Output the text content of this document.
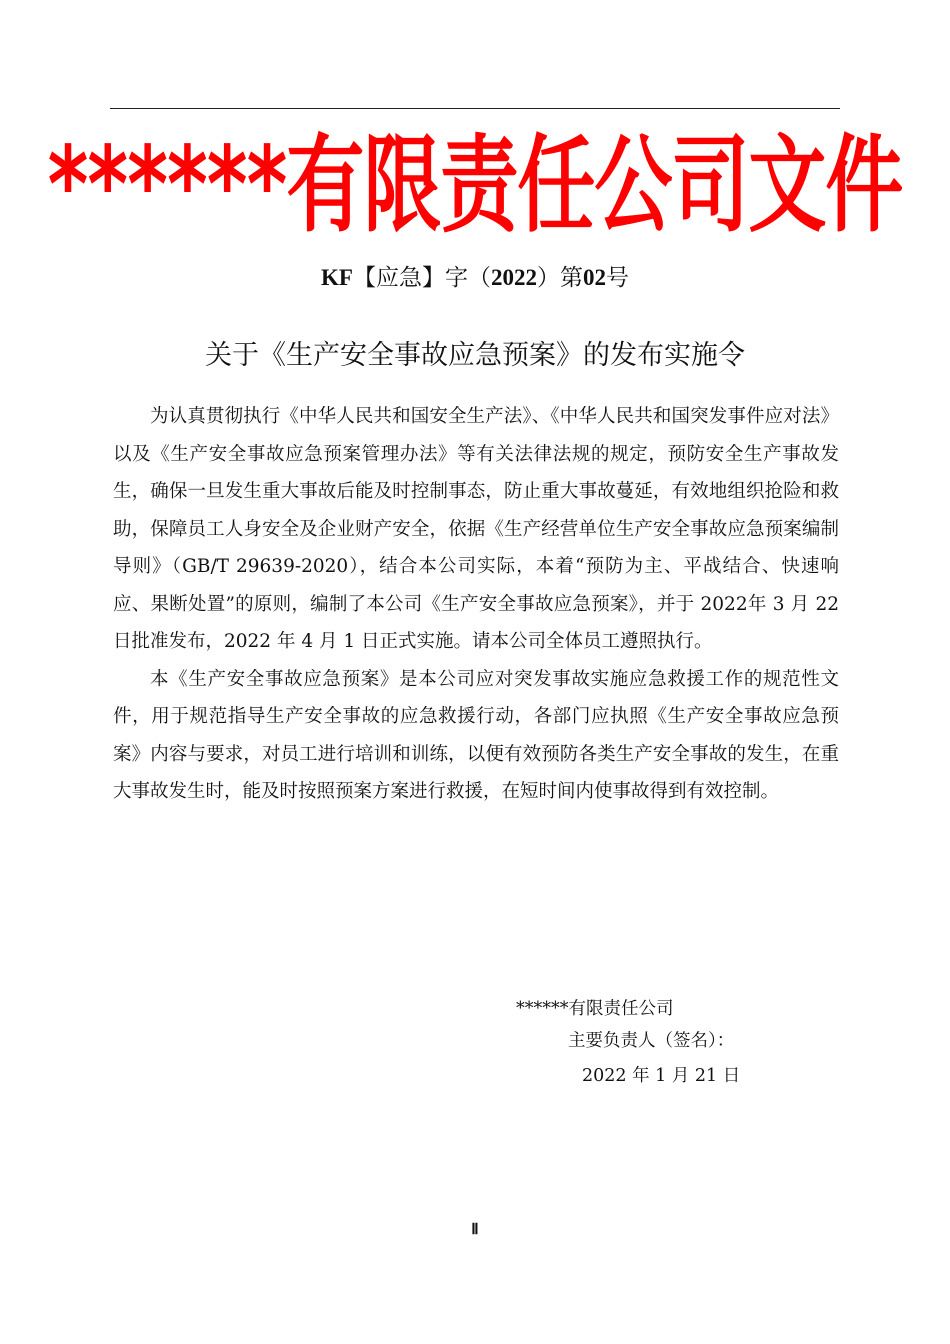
******有限责任公司文件
KF【应急】字（2022）第02号
关于《生产安全事故应急预案》的发布实施令

为认真贯彻执行《中华人民共和国安全生产法》、《中华人民共和国突发事件应对法》以及《生产安全事故应急预案管理办法》等有关法律法规的规定，预防安全生产事故发生，确保一旦发生重大事故后能及时控制事态，防止重大事故蔓延，有效地组织抢险和救助，保障员工人身安全及企业财产安全，依据《生产经营单位生产安全事故应急预案编制导则》（GB/T 29639-2020），结合本公司实际，本着“预防为主、平战结合、快速响应、果断处置”的原则，编制了本公司《生产安全事故应急预案》，并于 2022年 3 月 22 日批准发布，2022 年 4 月 1 日正式实施。请本公司全体员工遵照执行。

本《生产安全事故应急预案》是本公司应对突发事故实施应急救援工作的规范性文件，用于规范指导生产安全事故的应急救援行动，各部门应执照《生产安全事故应急预案》内容与要求，对员工进行培训和训练，以便有效预防各类生产安全事故的发生，在重大事故发生时，能及时按照预案方案进行救援，在短时间内使事故得到有效控制。

******有限责任公司
主要负责人（签名）：
2022 年 1 月 21 日
Ⅱ
